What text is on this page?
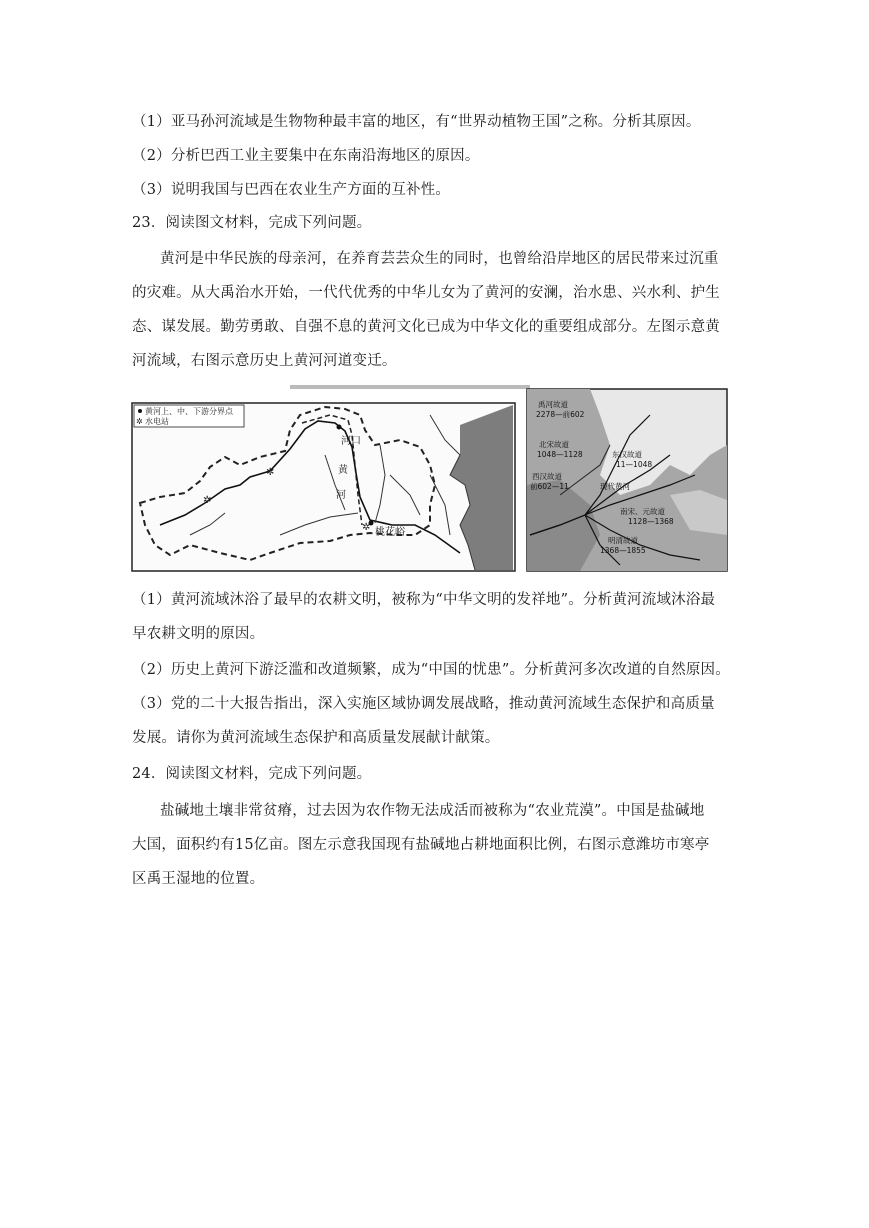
（1）亚马孙河流域是生物物种最丰富的地区，有“世界动植物王国”之称。分析其原因。
（2）分析巴西工业主要集中在东南沿海地区的原因。
（3）说明我国与巴西在农业生产方面的互补性。
23．阅读图文材料，完成下列问题。
黄河是中华民族的母亲河，在养育芸芸众生的同时，也曾给沿岸地区的居民带来过沉重
的灾难。从大禹治水开始，一代代优秀的中华儿女为了黄河的安澜，治水患、兴水利、护生
态、谋发展。勤劳勇敢、自强不息的黄河文化已成为中华文化的重要组成部分。左图示意黄
河流域，右图示意历史上黄河河道变迁。
黄河上、中、下游分界点
✲ 水电站
✲
✲
✲
河口
黄
河
桃花峪
禹河故道
2278—前602
北宋故道
1048—1128	东汉故道
11—1048
西汉故道
前602—11	现代黄河
南宋、元故道
1128—1368
明清故道
1368—1855
（1）黄河流域沐浴了最早的农耕文明，被称为“中华文明的发祥地”。分析黄河流域沐浴最
早农耕文明的原因。
（2）历史上黄河下游泛滥和改道频繁，成为“中国的忧患”。分析黄河多次改道的自然原因。
（3）党的二十大报告指出，深入实施区域协调发展战略，推动黄河流域生态保护和高质量
发展。请你为黄河流域生态保护和高质量发展献计献策。
24．阅读图文材料，完成下列问题。
盐碱地土壤非常贫瘠，过去因为农作物无法成活而被称为“农业荒漠”。中国是盐碱地
大国，面积约有15亿亩。图左示意我国现有盐碱地占耕地面积比例，右图示意潍坊市寒亭
区禹王湿地的位置。
